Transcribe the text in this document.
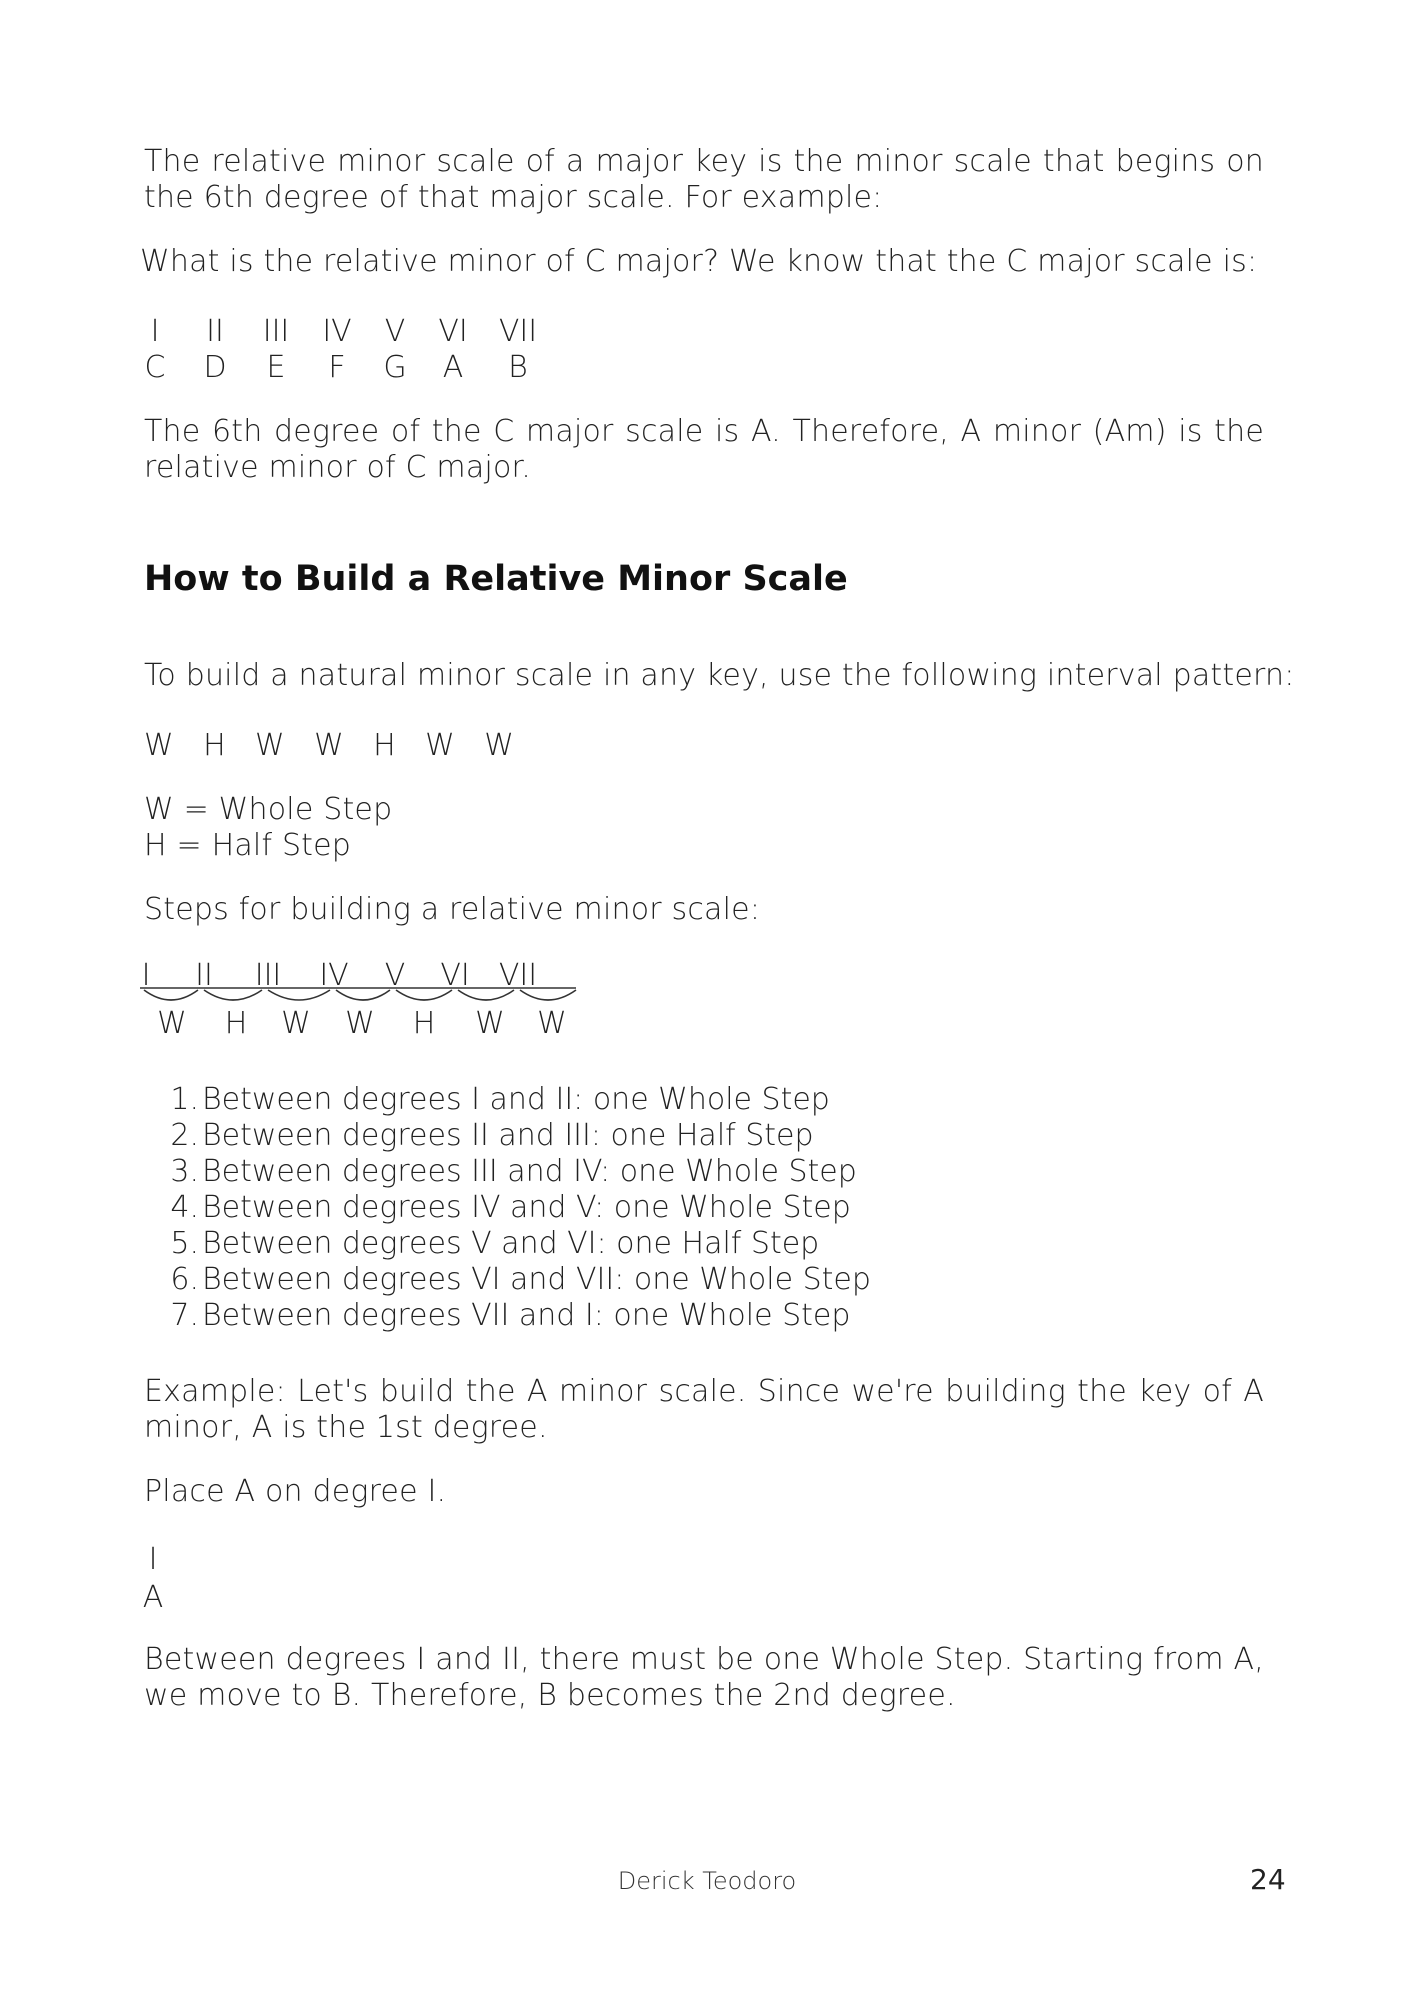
The relative minor scale of a major key is the minor scale that begins on the 6th degree of that major scale. For example:

What is the relative minor of C major? We know that the C major scale is:

I II III IV V VI VII
C D E F G A B

The 6th degree of the C major scale is A. Therefore, A minor (Am) is the relative minor of C major.

How to Build a Relative Minor Scale

To build a natural minor scale in any key, use the following interval pattern:

W   H   W   W   H   W   W

W = Whole Step

H = Half Step

Steps for building a relative minor scale:

I II III IV V VI VII
W H W W H W W
1. Between degrees I and II: one Whole Step
2. Between degrees II and III: one Half Step
3. Between degrees III and IV: one Whole Step
4. Between degrees IV and V: one Whole Step
5. Between degrees V and VI: one Half Step
6. Between degrees VI and VII: one Whole Step
7. Between degrees VII and I: one Whole Step

Example: Let's build the A minor scale. Since we're building the key of A minor, A is the 1st degree.

Place A on degree I.

I
A

Between degrees I and II, there must be one Whole Step. Starting from A, we move to B. Therefore, B becomes the 2nd degree.

Derick Teodoro	24
